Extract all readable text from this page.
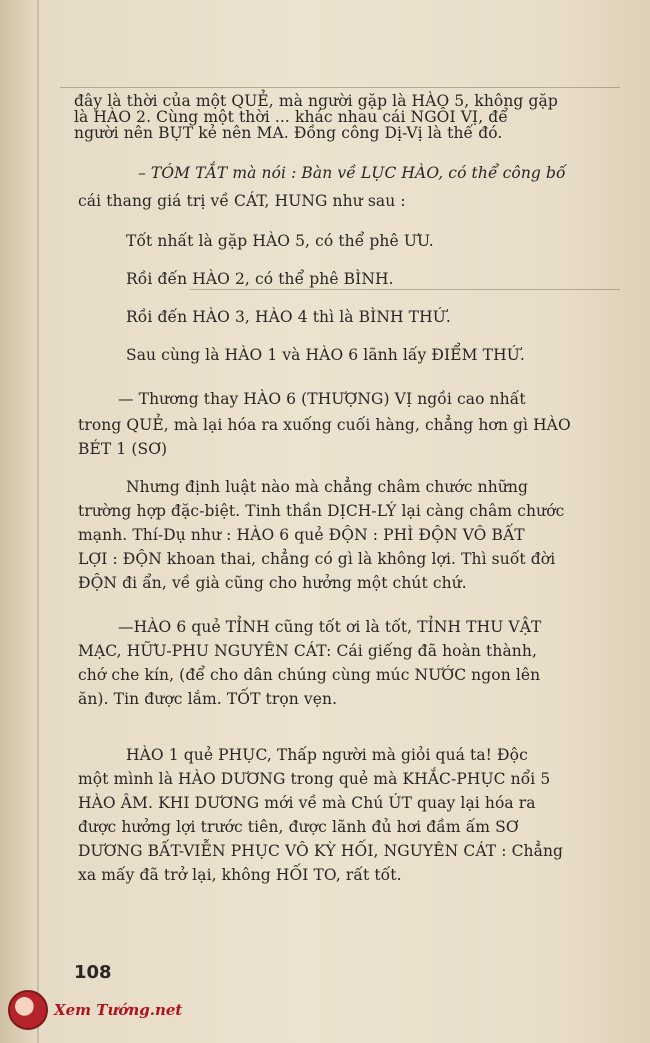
đây là thời của một QUẺ, mà người gặp là HÀO 5, không gặp
là HÀO 2. Cùng một thời ... khác nhau cái NGÔI VỊ, để
người nên BỤT kẻ nên MA. Đồng công Dị-Vị là thế đó.
– TÓM TẮT mà nói : Bàn về LỤC HÀO, có thể công bố
cái thang giá trị về CÁT, HUNG như sau :
Tốt nhất là gặp HÀO 5, có thể phê ƯU.
Rồi đến HÀO 2, có thể phê BÌNH.
Rồi đến HÀO 3, HÀO 4 thì là BÌNH THỨ.
Sau cùng là HÀO 1 và HÀO 6 lãnh lấy ĐIỂM THỨ.
— Thương thay HÀO 6 (THƯỢNG) VỊ ngồi cao nhất
trong QUẺ, mà lại hóa ra xuống cuối hàng, chẳng hơn gì HÀO
BÉT 1 (SƠ)
Nhưng định luật nào mà chẳng châm chước những
trường hợp đặc-biệt. Tinh thần DỊCH-LÝ lại càng châm chước
mạnh. Thí-Dụ như : HÀO 6 quẻ ĐỘN : PHÌ ĐỘN VÔ BẤT
LỢI : ĐỘN khoan thai, chẳng có gì là không lợi. Thì suốt đời
ĐỘN đi ẩn, về già cũng cho hưởng một chút chứ.
—HÀO 6 quẻ TỈNH cũng tốt ơi là tốt, TỈNH THU VẬT
MẠC, HỮU-PHU NGUYÊN CÁT: Cái giếng đã hoàn thành,
chớ che kín, (để cho dân chúng cùng múc NƯỚC ngon lên
ăn). Tin được lắm. TỐT trọn vẹn.
HÀO 1 quẻ PHỤC, Thấp người mà giỏi quá ta! Độc
một mình là HÀO DƯƠNG trong quẻ mà KHẮC-PHỤC nổi 5
HÀO ÂM. KHI DƯƠNG mới về mà Chú ÚT quay lại hóa ra
được hưởng lợi trước tiên, được lãnh đủ hơi đầm ấm SƠ
DƯƠNG BẤT-VIỄN PHỤC VÔ KỲ HỐI, NGUYÊN CÁT : Chẳng
xa mấy đã trở lại, không HỐI TO, rất tốt.
108
Xem Tướng.net
